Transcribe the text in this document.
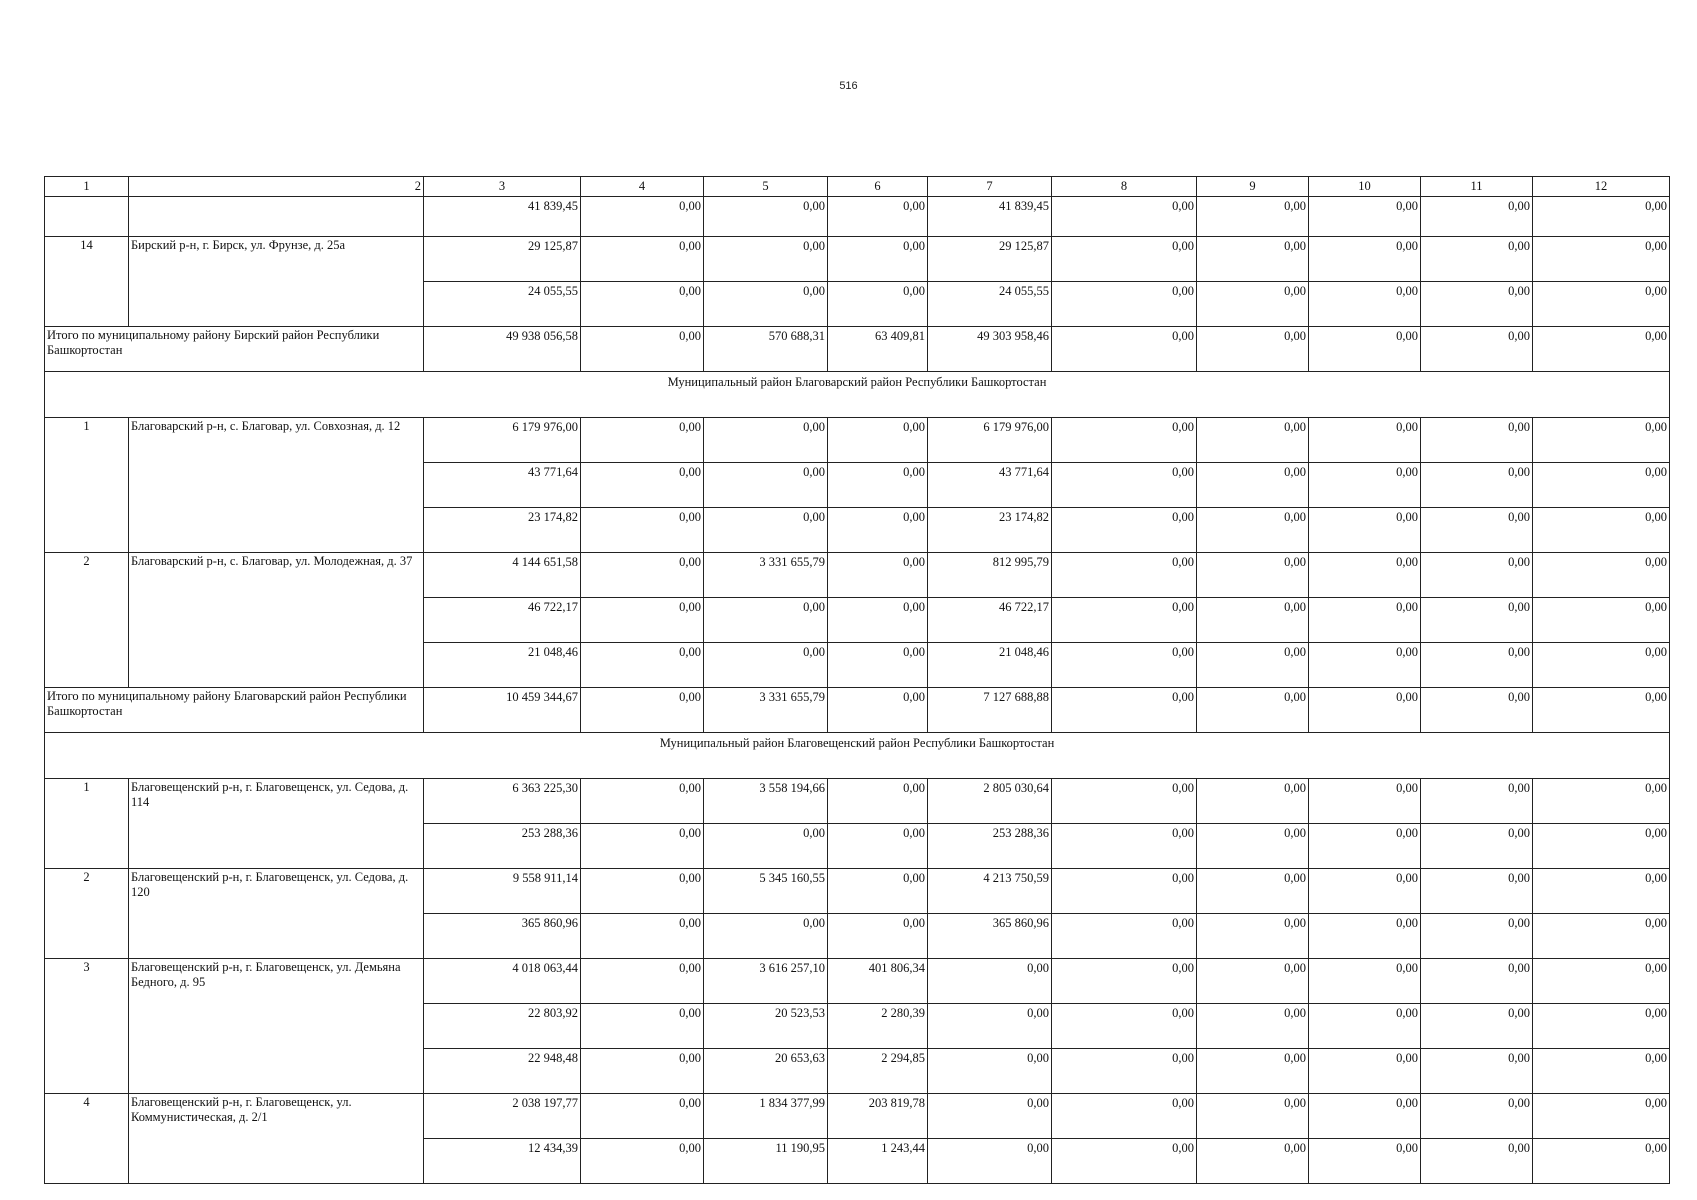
516
1	2	3	4	5	6	7	8	9	10	11	12
		41 839,45	0,00	0,00	0,00	41 839,45	0,00	0,00	0,00	0,00	0,00
14	Бирский р-н, г. Бирск, ул. Фрунзе, д. 25а	29 125,87	0,00	0,00	0,00	29 125,87	0,00	0,00	0,00	0,00	0,00
		24 055,55	0,00	0,00	0,00	24 055,55	0,00	0,00	0,00	0,00	0,00
Итого по муниципальному району Бирский район Республики Башкортостан		49 938 056,58	0,00	570 688,31	63 409,81	49 303 958,46	0,00	0,00	0,00	0,00	0,00
Муниципальный район Благоварский район Республики Башкортостан											
1	Благоварский р-н, с. Благовар, ул. Совхозная, д. 12	6 179 976,00	0,00	0,00	0,00	6 179 976,00	0,00	0,00	0,00	0,00	0,00
		43 771,64	0,00	0,00	0,00	43 771,64	0,00	0,00	0,00	0,00	0,00
		23 174,82	0,00	0,00	0,00	23 174,82	0,00	0,00	0,00	0,00	0,00
2	Благоварский р-н, с. Благовар, ул. Молодежная, д. 37	4 144 651,58	0,00	3 331 655,79	0,00	812 995,79	0,00	0,00	0,00	0,00	0,00
		46 722,17	0,00	0,00	0,00	46 722,17	0,00	0,00	0,00	0,00	0,00
		21 048,46	0,00	0,00	0,00	21 048,46	0,00	0,00	0,00	0,00	0,00
Итого по муниципальному району Благоварский район Республики Башкортостан		10 459 344,67	0,00	3 331 655,79	0,00	7 127 688,88	0,00	0,00	0,00	0,00	0,00
Муниципальный район Благовещенский район Республики Башкортостан											
1	Благовещенский р-н, г. Благовещенск, ул. Седова, д. 114	6 363 225,30	0,00	3 558 194,66	0,00	2 805 030,64	0,00	0,00	0,00	0,00	0,00
		253 288,36	0,00	0,00	0,00	253 288,36	0,00	0,00	0,00	0,00	0,00
2	Благовещенский р-н, г. Благовещенск, ул. Седова, д. 120	9 558 911,14	0,00	5 345 160,55	0,00	4 213 750,59	0,00	0,00	0,00	0,00	0,00
		365 860,96	0,00	0,00	0,00	365 860,96	0,00	0,00	0,00	0,00	0,00
3	Благовещенский р-н, г. Благовещенск, ул. Демьяна Бедного, д. 95	4 018 063,44	0,00	3 616 257,10	401 806,34	0,00	0,00	0,00	0,00	0,00	0,00
		22 803,92	0,00	20 523,53	2 280,39	0,00	0,00	0,00	0,00	0,00	0,00
		22 948,48	0,00	20 653,63	2 294,85	0,00	0,00	0,00	0,00	0,00	0,00
4	Благовещенский р-н, г. Благовещенск, ул. Коммунистическая, д. 2/1	2 038 197,77	0,00	1 834 377,99	203 819,78	0,00	0,00	0,00	0,00	0,00	0,00
		12 434,39	0,00	11 190,95	1 243,44	0,00	0,00	0,00	0,00	0,00	0,00
